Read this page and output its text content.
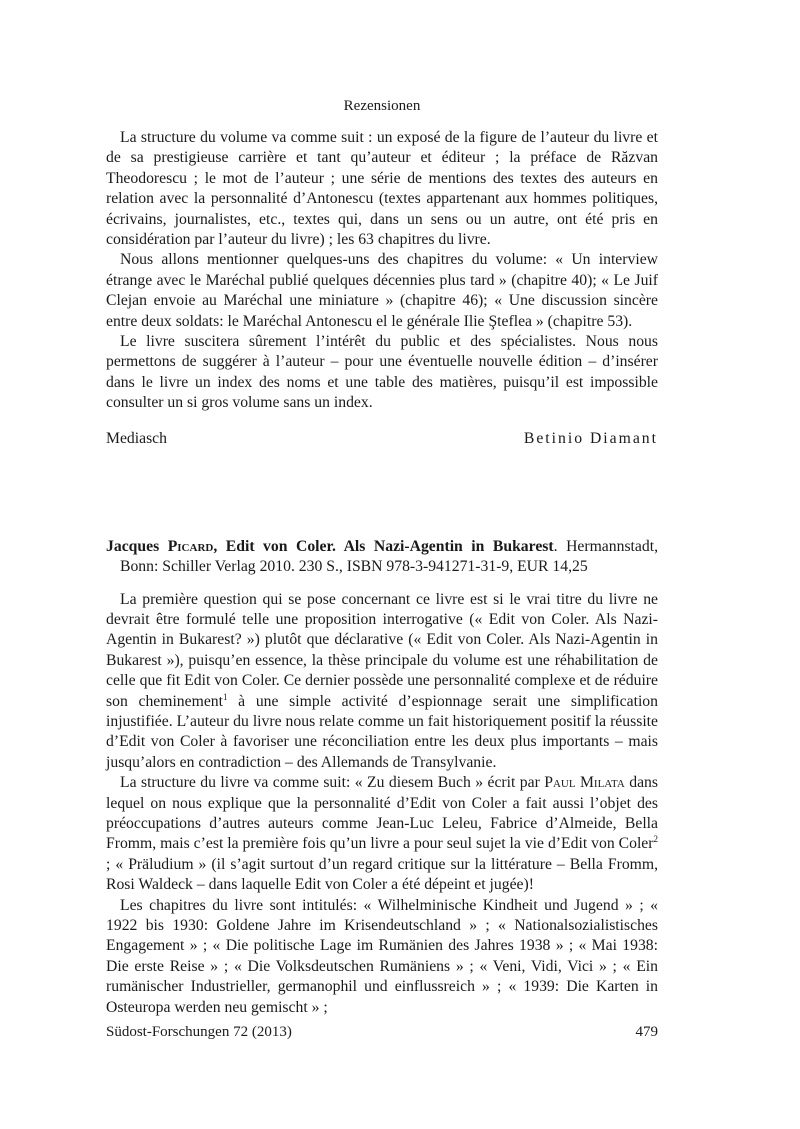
Rezensionen

La structure du volume va comme suit : un exposé de la figure de l’auteur du livre et de sa prestigieuse carrière et tant qu’auteur et éditeur ; la préface de Răzvan Theodorescu ; le mot de l’auteur ; une série de mentions des textes des auteurs en relation avec la personnalité d’Antonescu (textes appartenant aux hommes politiques, écrivains, journalistes, etc., textes qui, dans un sens ou un autre, ont été pris en considération par l’auteur du livre) ; les 63 chapitres du livre.

Nous allons mentionner quelques-uns des chapitres du volume: « Un interview étrange avec le Maréchal publié quelques décennies plus tard » (chapitre 40); « Le Juif Clejan envoie au Maréchal une miniature » (chapitre 46); « Une discussion sincère entre deux soldats: le Maréchal Antonescu el le générale Ilie Şteflea » (chapitre 53).

Le livre suscitera sûrement l’intérêt du public et des spécialistes. Nous nous permettons de suggérer à l’auteur – pour une éventuelle nouvelle édition – d’insérer dans le livre un index des noms et une table des matières, puisqu’il est impossible consulter un si gros volume sans un index.

Mediasch	Betinio Diamant
Jacques Picard, Edit von Coler. Als Nazi-Agentin in Bukarest. Hermannstadt, Bonn: Schiller Verlag 2010. 230 S., ISBN 978-3-941271-31-9, EUR 14,25

La première question qui se pose concernant ce livre est si le vrai titre du livre ne devrait être formulé telle une proposition interrogative (« Edit von Coler. Als Nazi-Agentin in Bukarest? ») plutôt que déclarative (« Edit von Coler. Als Nazi-Agentin in Bukarest »), puisqu’en essence, la thèse principale du volume est une réhabilitation de celle que fit Edit von Coler. Ce dernier possède une personnalité complexe et de réduire son cheminement$^1$ à une simple activité d’espionnage serait une simplification injustifiée. L’auteur du livre nous relate comme un fait historiquement positif la réussite d’Edit von Coler à favoriser une réconciliation entre les deux plus importants – mais jusqu’alors en contradiction – des Allemands de Transylvanie.

La structure du livre va comme suit: « Zu diesem Buch » écrit par Paul Milata dans lequel on nous explique que la personnalité d’Edit von Coler a fait aussi l’objet des préoccupations d’autres auteurs comme Jean-Luc Leleu, Fabrice d’Almeide, Bella Fromm, mais c’est la première fois qu’un livre a pour seul sujet la vie d’Edit von Coler$^2$ ; « Präludium » (il s’agit surtout d’un regard critique sur la littérature – Bella Fromm, Rosi Waldeck – dans laquelle Edit von Coler a été dépeint et jugée)!

Les chapitres du livre sont intitulés: « Wilhelminische Kindheit und Jugend » ; « 1922 bis 1930: Goldene Jahre im Krisendeutschland » ; « Nationalsozialistisches Engagement » ; « Die politische Lage im Rumänien des Jahres 1938 » ; « Mai 1938: Die erste Reise » ; « Die Volksdeutschen Rumäniens » ; « Veni, Vidi, Vici » ; « Ein rumänischer Industrieller, germanophil und einflussreich » ; « 1939: Die Karten in Osteuropa werden neu gemischt » ;

Südost-Forschungen 72 (2013)	479
